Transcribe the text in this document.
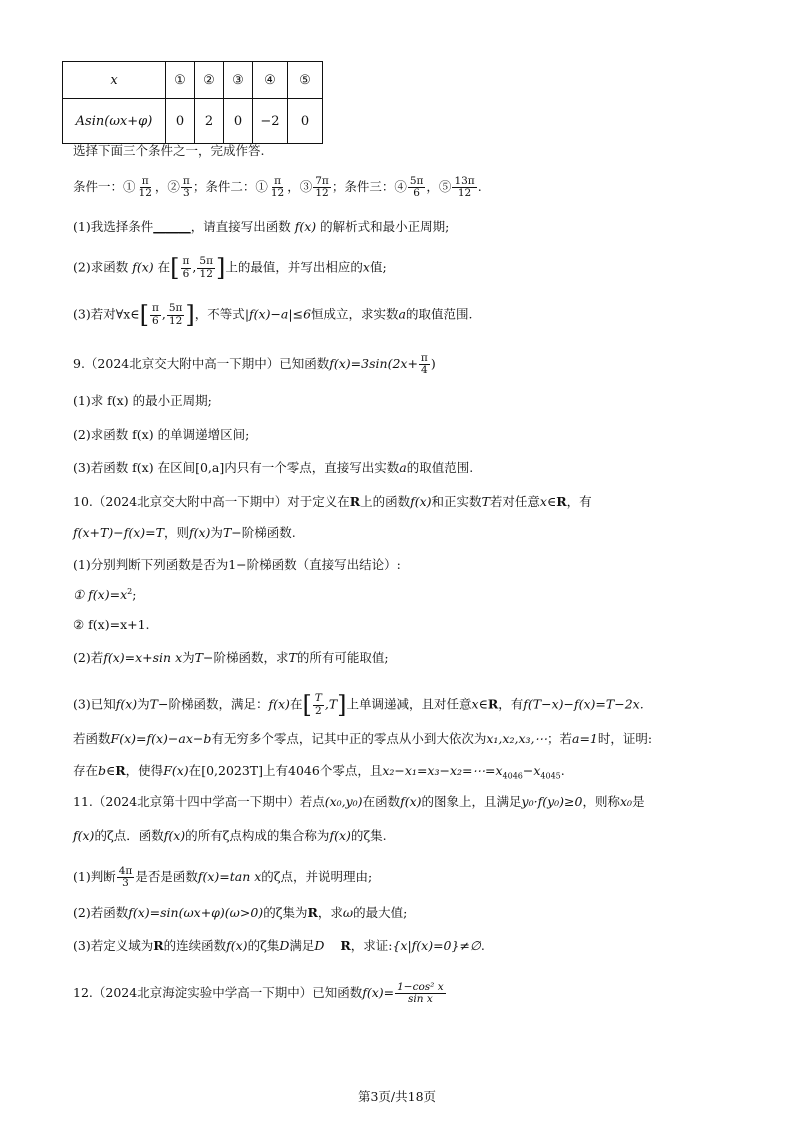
x	①	②	③	④	⑤
Asin(ωx+φ)	0	2	0	−2	0
选择下面三个条件之一，完成作答.
条件一：① $\frac{\pi}{12}$ ，② $\frac{\pi}{3}$ ；条件二：① $\frac{\pi}{12}$ ，③ $\frac{7\pi}{12}$ ；条件三：④ $\frac{5\pi}{6}$ ，⑤ $\frac{13\pi}{12}$ .
(1)我选择条件______，请直接写出函数 f(x) 的解析式和最小正周期;
(2)求函数 f(x) 在[ $\frac{\pi}{6}$ , $\frac{5\pi}{12}$ ]上的最值，并写出相应的x值;
(3)若对∀x∈[ $\frac{\pi}{6}$ , $\frac{5\pi}{12}$ ]，不等式|f(x)−a|≤6恒成立，求实数a的取值范围.
9.（2024北京交大附中高一下期中）已知函数$f(x)=3\sin(2x+ \frac{\pi}{4}$ )
(1)求 f(x) 的最小正周期;
(2)求函数 f(x) 的单调递增区间;
(3)若函数 f(x) 在区间[0,a]内只有一个零点，直接写出实数a的取值范围.
10.（2024北京交大附中高一下期中）对于定义在R上的函数f(x)和正实数T若对任意x∈R，有
f(x+T)−f(x)=T，则f(x)为T−阶梯函数.
(1)分别判断下列函数是否为1−阶梯函数（直接写出结论）:
① $f(x)=x^2$;
② f(x)=x+1.
(2)若f(x)=x+sin x为T−阶梯函数，求T的所有可能取值;
(3)已知f(x)为T−阶梯函数，满足：f(x)在[ $\frac{T}{2} ,T$]上单调递减，且对任意x∈R，有f(T−x)−f(x)=T−2x.
若函数F(x)=f(x)−ax−b有无穷多个零点，记其中正的零点从小到大依次为x₁,x₂,x₃,⋯；若a=1时，证明:
存在b∈R，使得F(x)在[0,2023T]上有4046个零点，且$x_2-x_1=x_3-x_2=\cdots=x_{4046}-x_{4045}$.
11.（2024北京第十四中学高一下期中）若点(x₀,y₀)在函数f(x)的图象上，且满足y₀·f(y₀)≥0，则称x₀是
f(x)的ζ点．函数f(x)的所有ζ点构成的集合称为f(x)的ζ集.
(1)判断 $\frac{4\pi}{3}$ 是否是函数f(x)=tan x的ζ点，并说明理由;
(2)若函数f(x)=sin(ωx+φ)(ω>0)的ζ集为R，求ω的最大值;
(3)若定义域为R的连续函数f(x)的ζ集D满足D R，求证:{x|f(x)=0}≠∅.
12.（2024北京海淀实验中学高一下期中）已知函数$f(x)= \frac{\text{1−cos² x}}{\text{sin x}}$
第3页/共18页
